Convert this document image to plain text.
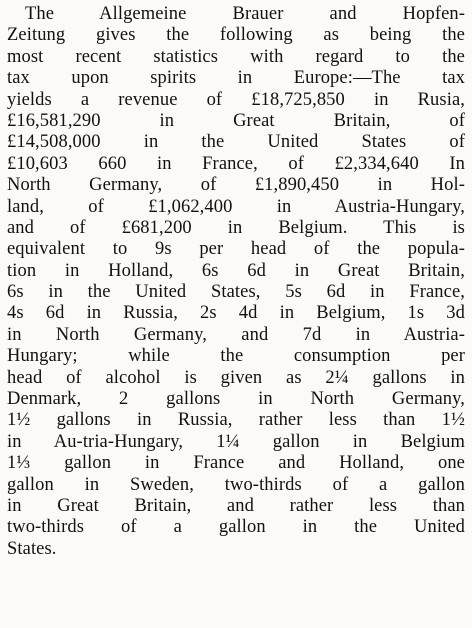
The Allgemeine Brauer and Hopfen-
Zeitung gives the following as being the
most recent statistics with regard to the
tax upon spirits in Europe:—The tax
yields a revenue of £18,725,850 in Rusia,
£16,581,290 in Great Britain, of
£14,508,000 in the United States of
£10,603 660 in France, of £2,334,640 In
North Germany, of £1,890,450 in Hol-
land, of £1,062,400 in Austria-Hungary,
and of £681,200 in Belgium. This is
equivalent to 9s per head of the popula-
tion in Holland, 6s 6d in Great Britain,
6s in the United States, 5s 6d in France,
4s 6d in Russia, 2s 4d in Belgium, 1s 3d
in North Germany, and 7d in Austria-
Hungary; while the consumption per
head of alcohol is given as 2¼ gallons in
Denmark, 2 gallons in North Germany,
1½ gallons in Russia, rather less than 1½
in Au-tria-Hungary, 1¼ gallon in Belgium
1⅓ gallon in France and Holland, one
gallon in Sweden, two-thirds of a gallon
in Great Britain, and rather less than
two-thirds of a gallon in the United
States.
